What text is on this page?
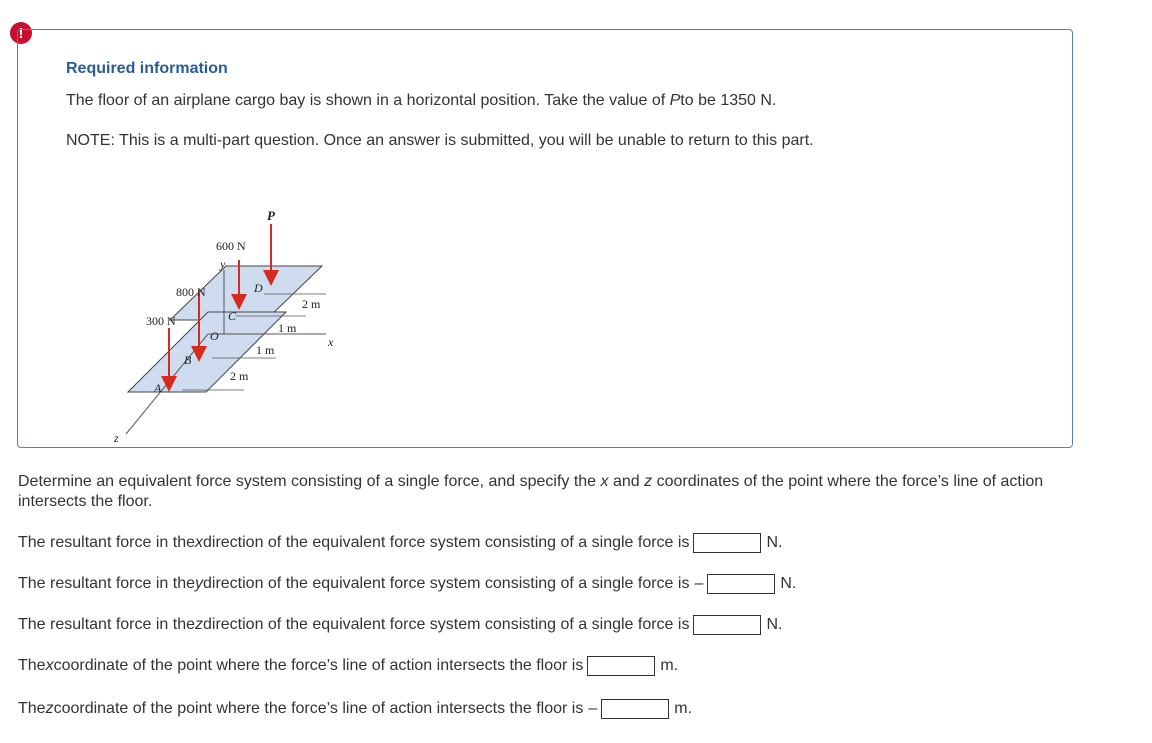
!
Required information
The floor of an airplane cargo bay is shown in a horizontal position. Take the value of Pto be 1350 N.
NOTE: This is a multi-part question. Once an answer is submitted, you will be unable to return to this part.
P
600 N
y
D
800 N
2 m
C
300 N	1 m
O	x
1 m
B
2 m
A
z
Determine an equivalent force system consisting of a single force, and specify the x and z coordinates of the point where the force’s line of action intersects the floor.
The resultant force in the x direction of the equivalent force system consisting of a single force is	N.
The resultant force in the y direction of the equivalent force system consisting of a single force is –	N.
The resultant force in the z direction of the equivalent force system consisting of a single force is	N.
The x coordinate of the point where the force’s line of action intersects the floor is	m.
The z coordinate of the point where the force’s line of action intersects the floor is –	m.
